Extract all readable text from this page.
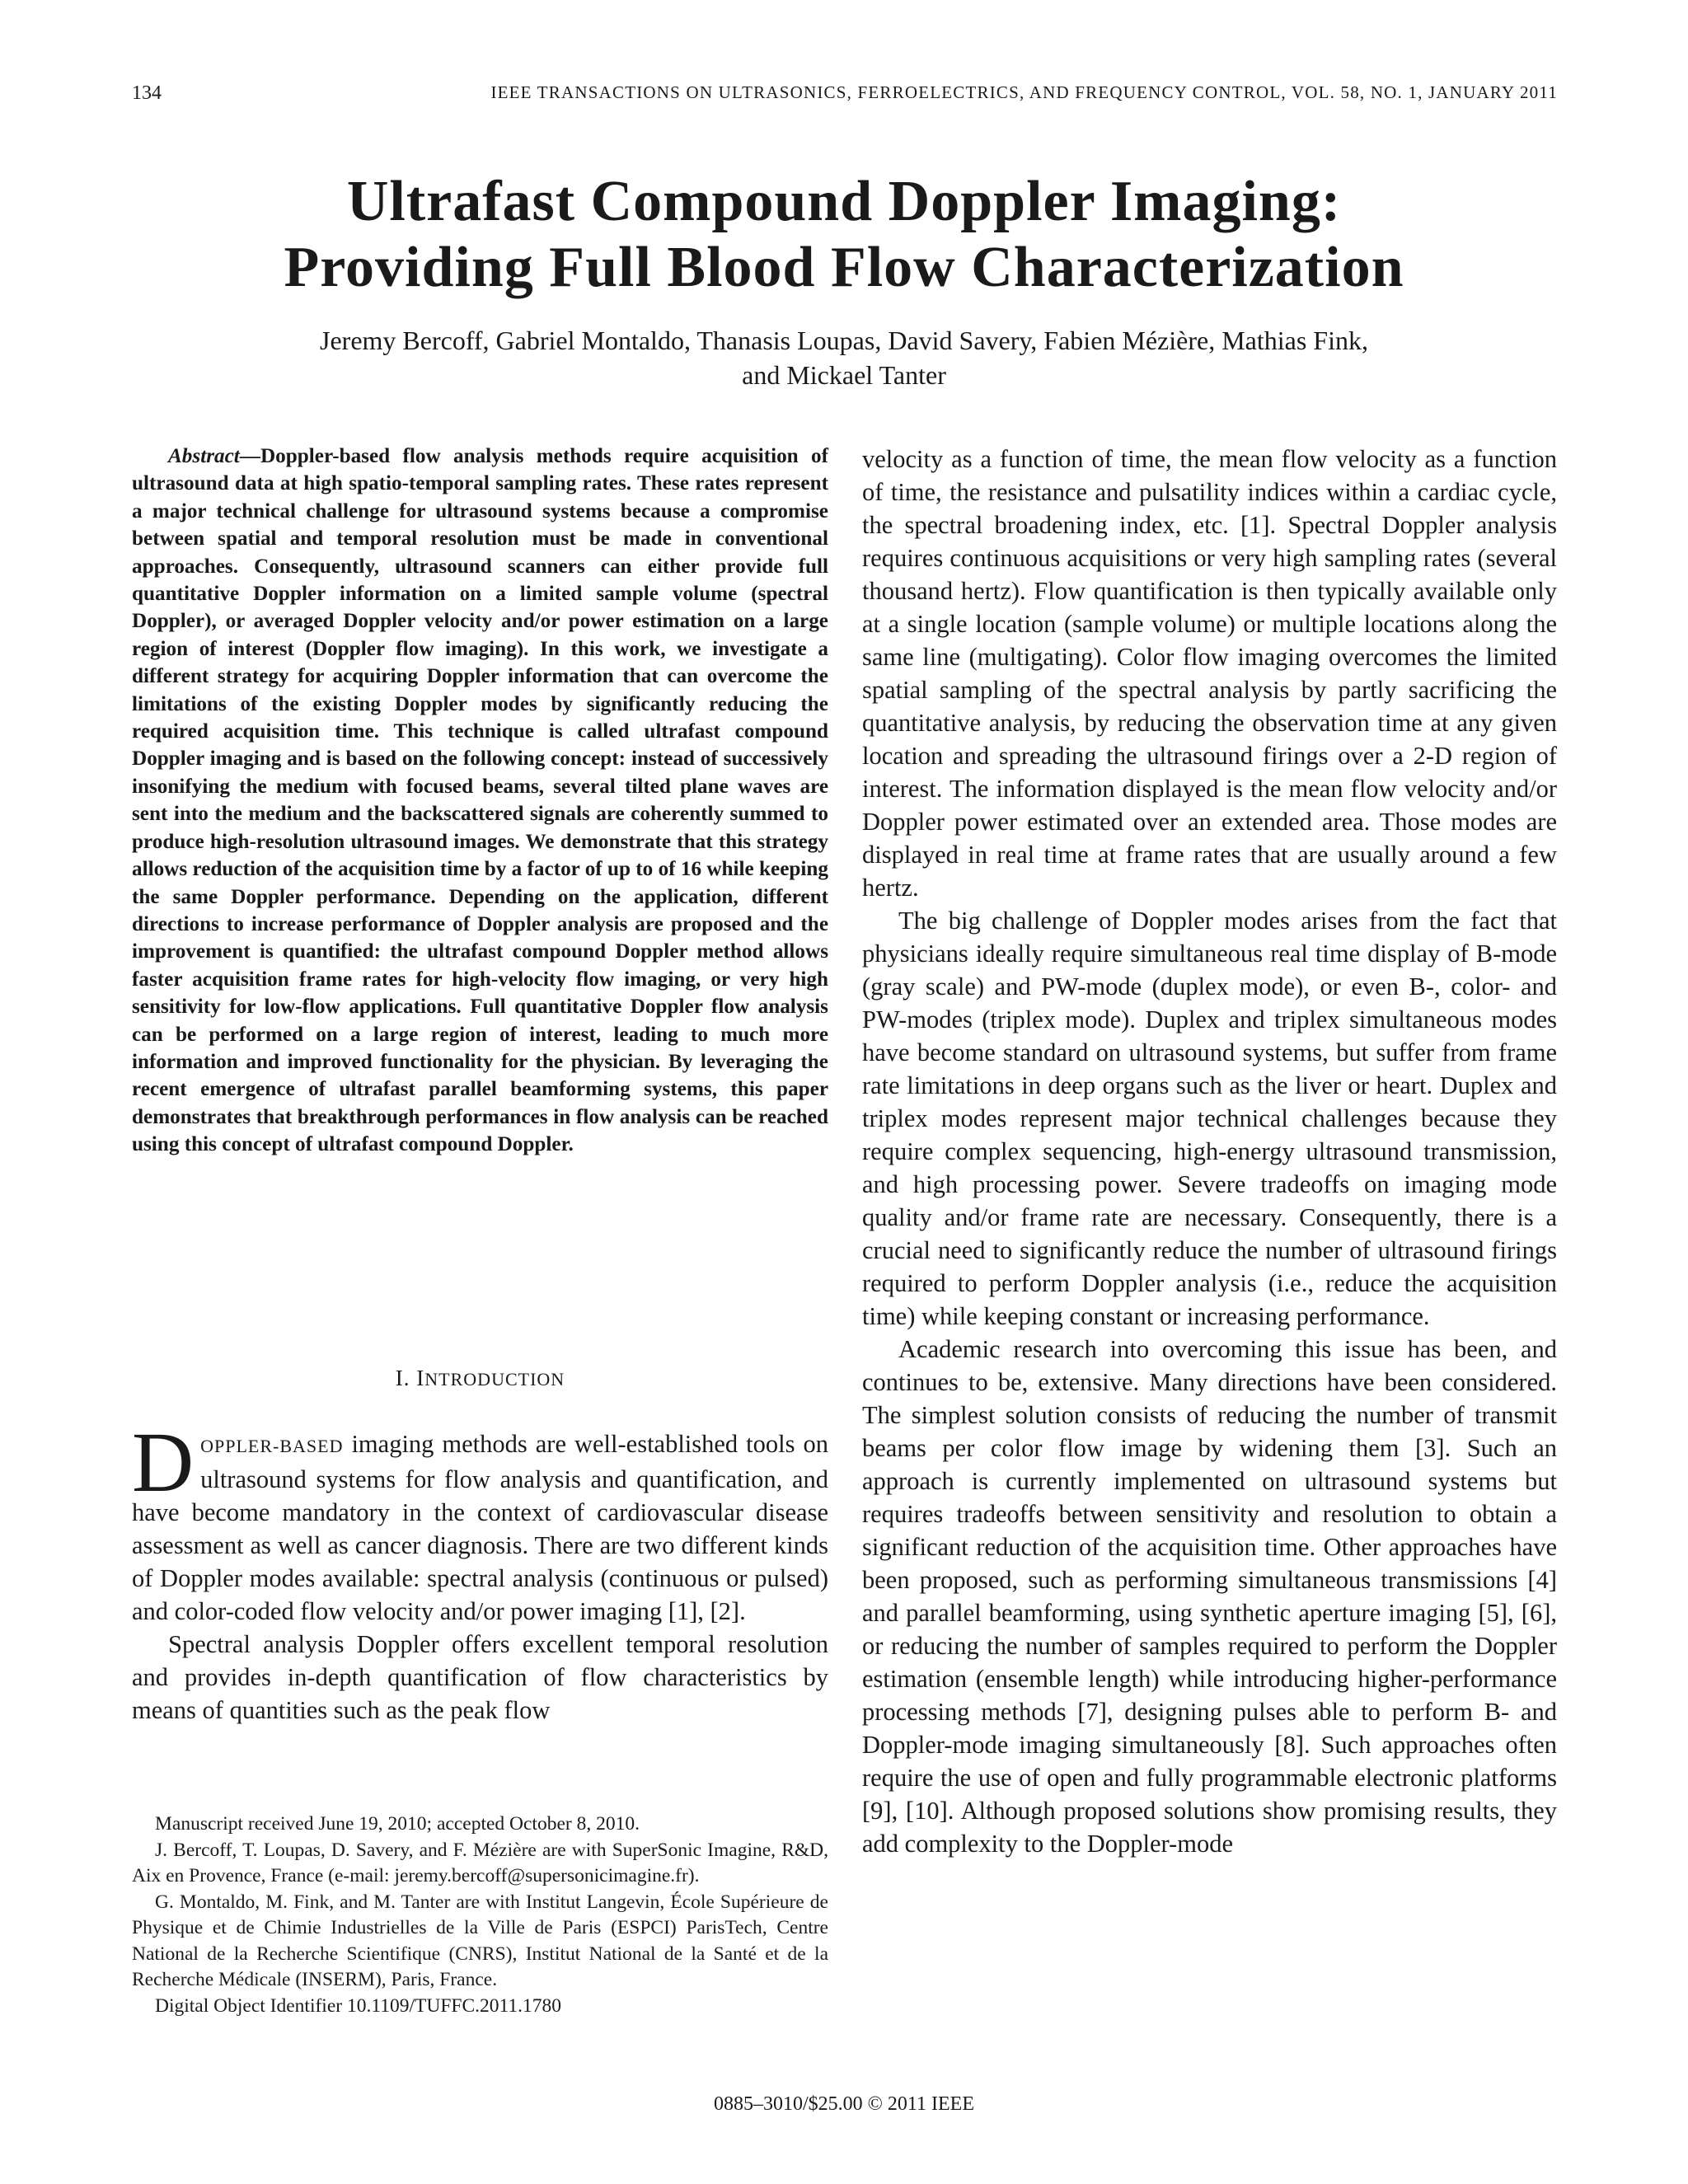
134	IEEE TRANSACTIONS ON ULTRASONICS, FERROELECTRICS, AND FREQUENCY CONTROL, VOL. 58, NO. 1, JANUARY 2011
Ultrafast Compound Doppler Imaging:
Providing Full Blood Flow Characterization
Jeremy Bercoff, Gabriel Montaldo, Thanasis Loupas, David Savery, Fabien Mézière, Mathias Fink,
and Mickael Tanter
Abstract—Doppler-based flow analysis methods require acquisition of ultrasound data at high spatio-temporal sampling rates. These rates represent a major technical challenge for ultrasound systems because a compromise between spatial and temporal resolution must be made in conventional approaches. Consequently, ultrasound scanners can either provide full quantitative Doppler information on a limited sample volume (spectral Doppler), or averaged Doppler velocity and/or power estimation on a large region of interest (Doppler flow imaging). In this work, we investigate a different strategy for acquiring Doppler information that can overcome the limitations of the existing Doppler modes by significantly reducing the required acquisition time. This technique is called ultrafast compound Doppler imaging and is based on the following concept: instead of successively insonifying the medium with focused beams, several tilted plane waves are sent into the medium and the backscattered signals are coherently summed to produce high-resolution ultrasound images. We demonstrate that this strategy allows reduction of the acquisition time by a factor of up to of 16 while keeping the same Doppler performance. Depending on the application, different directions to increase performance of Doppler analysis are proposed and the improvement is quantified: the ultrafast compound Doppler method allows faster acquisition frame rates for high-velocity flow imaging, or very high sensitivity for low-flow applications. Full quantitative Doppler flow analysis can be performed on a large region of interest, leading to much more information and improved functionality for the physician. By leveraging the recent emergence of ultrafast parallel beamforming systems, this paper demonstrates that breakthrough performances in flow analysis can be reached using this concept of ultrafast compound Doppler.
I. INTRODUCTION

DOPPLER-BASED imaging methods are well-established tools on ultrasound systems for flow analysis and quantification, and have become mandatory in the context of cardiovascular disease assessment as well as cancer diagnosis. There are two different kinds of Doppler modes available: spectral analysis (continuous or pulsed) and color-coded flow velocity and/or power imaging [1], [2].

Spectral analysis Doppler offers excellent temporal resolution and provides in-depth quantification of flow characteristics by means of quantities such as the peak flow

Manuscript received June 19, 2010; accepted October 8, 2010.

J. Bercoff, T. Loupas, D. Savery, and F. Mézière are with SuperSonic Imagine, R&D, Aix en Provence, France (e-mail: jeremy.bercoff@supersonicimagine.fr).

G. Montaldo, M. Fink, and M. Tanter are with Institut Langevin, École Supérieure de Physique et de Chimie Industrielles de la Ville de Paris (ESPCI) ParisTech, Centre National de la Recherche Scientifique (CNRS), Institut National de la Santé et de la Recherche Médicale (INSERM), Paris, France.

Digital Object Identifier 10.1109/TUFFC.2011.1780

velocity as a function of time, the mean flow velocity as a function of time, the resistance and pulsatility indices within a cardiac cycle, the spectral broadening index, etc. [1]. Spectral Doppler analysis requires continuous acquisitions or very high sampling rates (several thousand hertz). Flow quantification is then typically available only at a single location (sample volume) or multiple locations along the same line (multigating). Color flow imaging overcomes the limited spatial sampling of the spectral analysis by partly sacrificing the quantitative analysis, by reducing the observation time at any given location and spreading the ultrasound firings over a 2-D region of interest. The information displayed is the mean flow velocity and/or Doppler power estimated over an extended area. Those modes are displayed in real time at frame rates that are usually around a few hertz.

The big challenge of Doppler modes arises from the fact that physicians ideally require simultaneous real time display of B-mode (gray scale) and PW-mode (duplex mode), or even B-, color- and PW-modes (triplex mode). Duplex and triplex simultaneous modes have become standard on ultrasound systems, but suffer from frame rate limitations in deep organs such as the liver or heart. Duplex and triplex modes represent major technical challenges because they require complex sequencing, high-energy ultrasound transmission, and high processing power. Severe tradeoffs on imaging mode quality and/or frame rate are necessary. Consequently, there is a crucial need to significantly reduce the number of ultrasound firings required to perform Doppler analysis (i.e., reduce the acquisition time) while keeping constant or increasing performance.

Academic research into overcoming this issue has been, and continues to be, extensive. Many directions have been considered. The simplest solution consists of reducing the number of transmit beams per color flow image by widening them [3]. Such an approach is currently implemented on ultrasound systems but requires tradeoffs between sensitivity and resolution to obtain a significant reduction of the acquisition time. Other approaches have been proposed, such as performing simultaneous transmissions [4] and parallel beamforming, using synthetic aperture imaging [5], [6], or reducing the number of samples required to perform the Doppler estimation (ensemble length) while introducing higher-performance processing methods [7], designing pulses able to perform B- and Doppler-mode imaging simultaneously [8]. Such approaches often require the use of open and fully programmable electronic platforms [9], [10]. Although proposed solutions show promising results, they add complexity to the Doppler-mode

0885–3010/$25.00 © 2011 IEEE
